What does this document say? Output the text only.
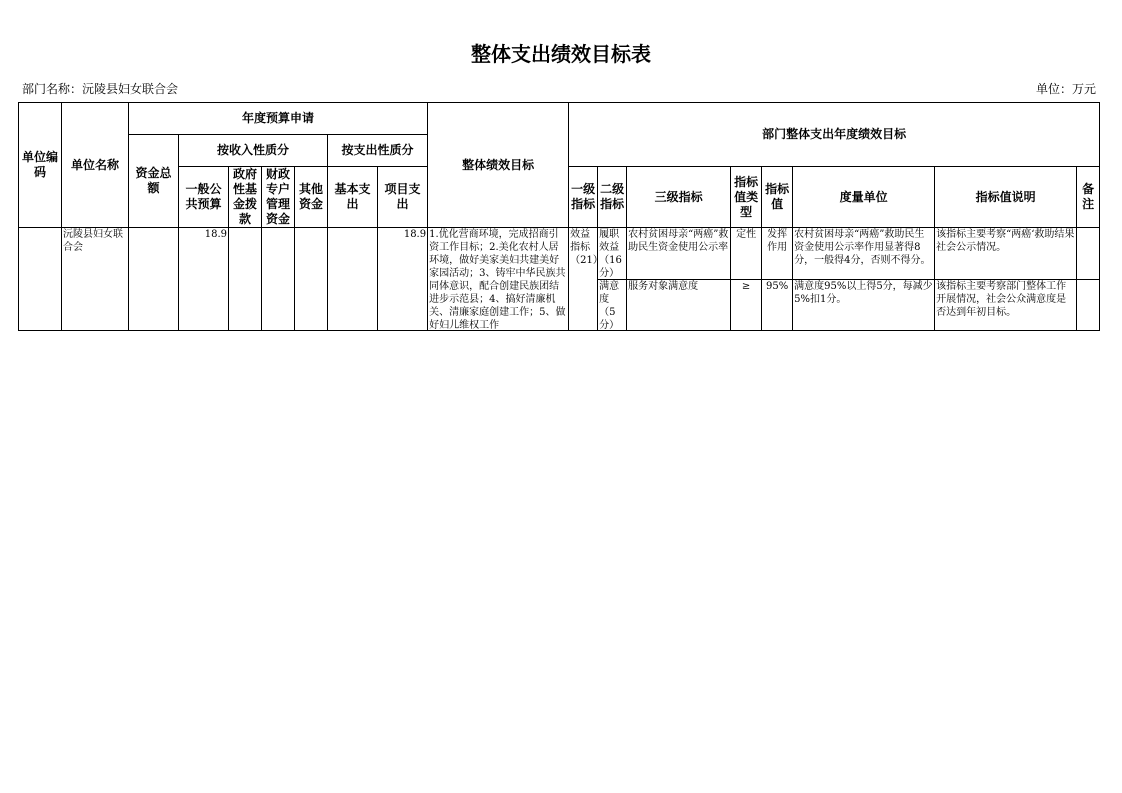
整体支出绩效目标表
部门名称：沅陵县妇女联合会	单位：万元
单位编码	单位名称	年度预算申请							整体绩效目标	部门整体支出年度绩效目标							
		资金总额	按收入性质分				按支出性质分										
			一般公共预算	政府性基金拨款	财政专户管理资金	其他资金	基本支出	项目支出		一级指标	二级指标	三级指标	指标值类型	指标值	度量单位	指标值说明	备注

	沅陵县妇女联合会		18.9					18.9	1.优化营商环境，完成招商引资工作目标；2.美化农村人居环境，做好美家美妇共建美好家园活动；3、铸牢中华民族共同体意识，配合创建民族团结进步示范县；4、搞好清廉机关、清廉家庭创建工作；5、做好妇儿维权工作	效益指标（21）	履职效益（16分）	农村贫困母亲“两癌”救助民生资金使用公示率	定性	发挥作用	农村贫困母亲“两癌”救助民生资金使用公示率作用显著得8分，一般得4分，否则不得分。	该指标主要考察“两癌‘救助结果社会公示情况。	

											满意度（5分）	服务对象满意度	≥	95%	满意度95%以上得5分，每减少5%扣1分。	该指标主要考察部门整体工作开展情况，社会公众满意度是否达到年初目标。	
